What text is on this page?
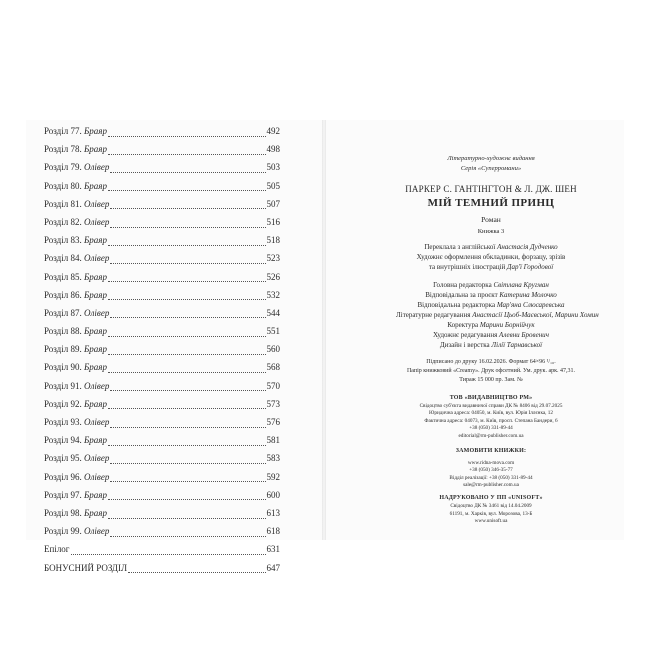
Розділ 77. Браяр	492
Розділ 78. Браяр	498
Розділ 79. Олівер	503
Розділ 80. Браяр	505
Розділ 81. Олівер	507
Розділ 82. Олівер	516
Розділ 83. Браяр	518
Розділ 84. Олівер	523
Розділ 85. Браяр	526
Розділ 86. Браяр	532
Розділ 87. Олівер	544
Розділ 88. Браяр	551
Розділ 89. Браяр	560
Розділ 90. Браяр	568
Розділ 91. Олівер	570
Розділ 92. Браяр	573
Розділ 93. Олівер	576
Розділ 94. Браяр	581
Розділ 95. Олівер	583
Розділ 96. Олівер	592
Розділ 97. Браяр	600
Розділ 98. Браяр	613
Розділ 99. Олівер	618
Епілог	631
БОНУСНИЙ РОЗДІЛ	647
Літературно-художнє видання
Серія «Суперромани»
ПАРКЕР С. ГАНТІНГТОН & Л. ДЖ. ШЕН
МІЙ ТЕМНИЙ ПРИНЦ
Роман
Книжка 3
Переклала з англійської Анастасія Дудченко
Художнє оформлення обкладинки, форзацу, зрізів
та внутрішніх ілюстрацій Дар'ї Городової
Головна редакторка Світлана Кругман
Відповідальна за проєкт Катерина Молочко
Відповідальна редакторка Мар'яна Слюсаревська
Літературне редагування Анастасії Цьоб-Маєвської, Марини Хомин
Коректура Марини Борнійчук
Художнє редагування Алевни Бровенич
Дизайн і верстка Лілії Тарнавської
Підписано до друку 16.02.2026. Формат 64×96 ¹/₁₆.
Папір книжковий «Creamy». Друк офсетний. Ум. друк. арк. 47,31.
Тираж 15 000 пр. Зам. №
ТОВ «ВИДАВНИЦТВО РМ»
Свідоцтво суб'єкта видавничої справи ДК № 8406 від 29.07.2025
Юридична адреса: 04050, м. Київ, вул. Юрія Іллєнка, 12
Фактична адреса: 04073, м. Київ, просп. Степана Бандери, 6
+38 (050) 331-89-44
editorial@rm-publisher.com.ua
ЗАМОВИТИ КНИЖКИ:
www.ridna-mova.com
+38 (050) 346-35-77
Відділ реалізації: +38 (050) 331-89-44
sale@rm-publisher.com.ua
НАДРУКОВАНО У ПП «UNISOFT»
Свідоцтво ДК № 3461 від 14.04.2009
61191, м. Харків, вул. Морозова, 13-Б
www.unisoft.ua
